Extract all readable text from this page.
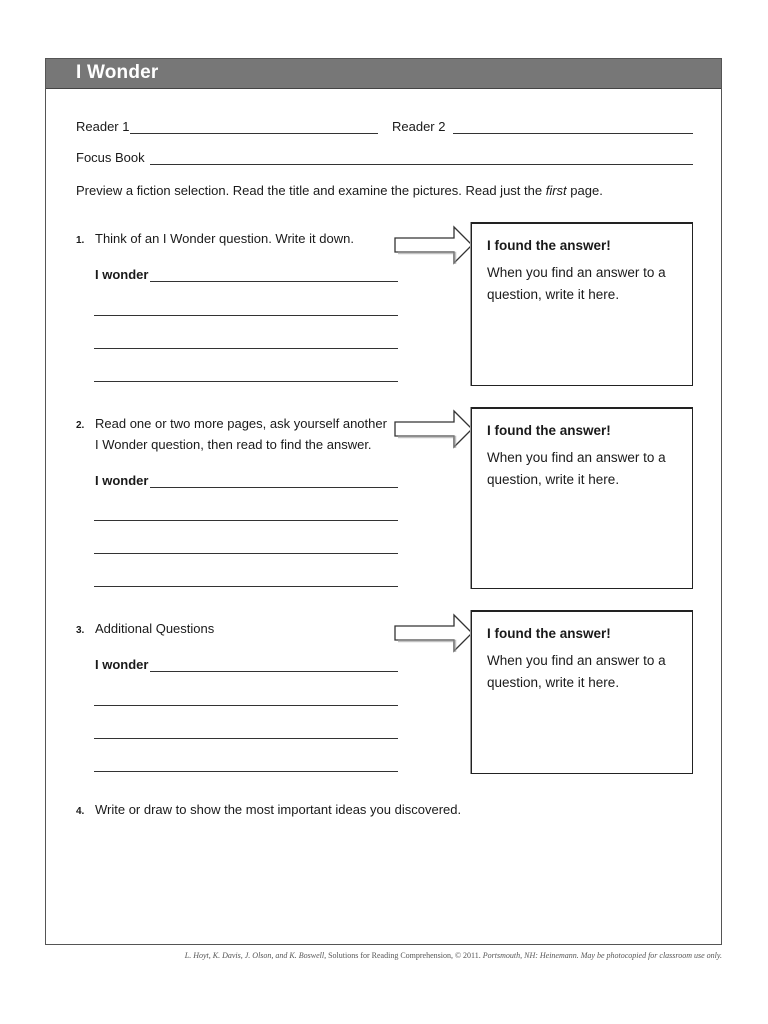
I Wonder
Reader 1	Reader 2
Focus Book
Preview a fiction selection. Read the title and examine the pictures. Read just the first page.
1. Think of an I Wonder question. Write it down.
I wonder
I found the answer!
When you find an answer to a question, write it here.
2. Read one or two more pages, ask yourself another
I Wonder question, then read to find the answer.
I wonder
I found the answer!
When you find an answer to a question, write it here.
3. Additional Questions
I wonder
I found the answer!
When you find an answer to a question, write it here.
4. Write or draw to show the most important ideas you discovered.
L. Hoyt, K. Davis, J. Olson, and K. Boswell, Solutions for Reading Comprehension, © 2011. Portsmouth, NH: Heinemann. May be photocopied for classroom use only.
